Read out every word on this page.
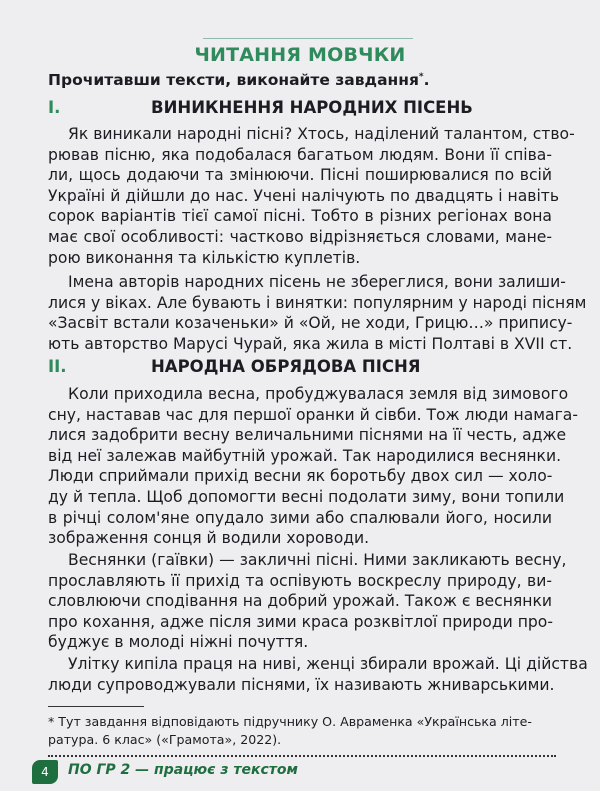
ЧИТАННЯ МОВЧКИ
Прочитавши тексти, виконайте завдання*.
I.	ВИНИКНЕННЯ НАРОДНИХ ПІСЕНЬ
Як виникали народні пісні? Хтось, наділений талантом, ство-
рював пісню, яка подобалася багатьом людям. Вони її співа-
ли, щось додаючи та змінюючи. Пісні поширювалися по всій
Україні й дійшли до нас. Учені налічують по двадцять і навіть
сорок варіантів тієї самої пісні. Тобто в різних регіонах вона
має свої особливості: частково відрізняється словами, мане-
рою виконання та кількістю куплетів.
Імена авторів народних пісень не збереглися, вони залиши-
лися у віках. Але бувають і винятки: популярним у народі пісням
«Засвіт встали козаченьки» й «Ой, не ходи, Грицю…» припису-
ють авторство Марусі Чурай, яка жила в місті Полтаві в XVII ст.
II.	НАРОДНА ОБРЯДОВА ПІСНЯ
Коли приходила весна, пробуджувалася земля від зимового
сну, наставав час для першої оранки й сівби. Тож люди намага-
лися задобрити весну величальними піснями на її честь, адже
від неї залежав майбутній урожай. Так народилися веснянки.
Люди сприймали прихід весни як боротьбу двох сил — холо-
ду й тепла. Щоб допомогти весні подолати зиму, вони топили
в річці солом'яне опудало зими або спалювали його, носили
зображення сонця й водили хороводи.
Веснянки (гаївки) — закличні пісні. Ними закликають весну,
прославляють її прихід та оспівують воскреслу природу, ви-
словлюючи сподівання на добрий урожай. Також є веснянки
про кохання, адже після зими краса розквітлої природи про-
буджує в молоді ніжні почуття.
Улітку кипіла праця на ниві, женці збирали врожай. Ці дійства
люди супроводжували піснями, їх називають жниварськими.
* Тут завдання відповідають підручнику О. Авраменка «Українська літе-
ратура. 6 клас» («Грамота», 2022).
4	ПО ГР 2 — працює з текстом
